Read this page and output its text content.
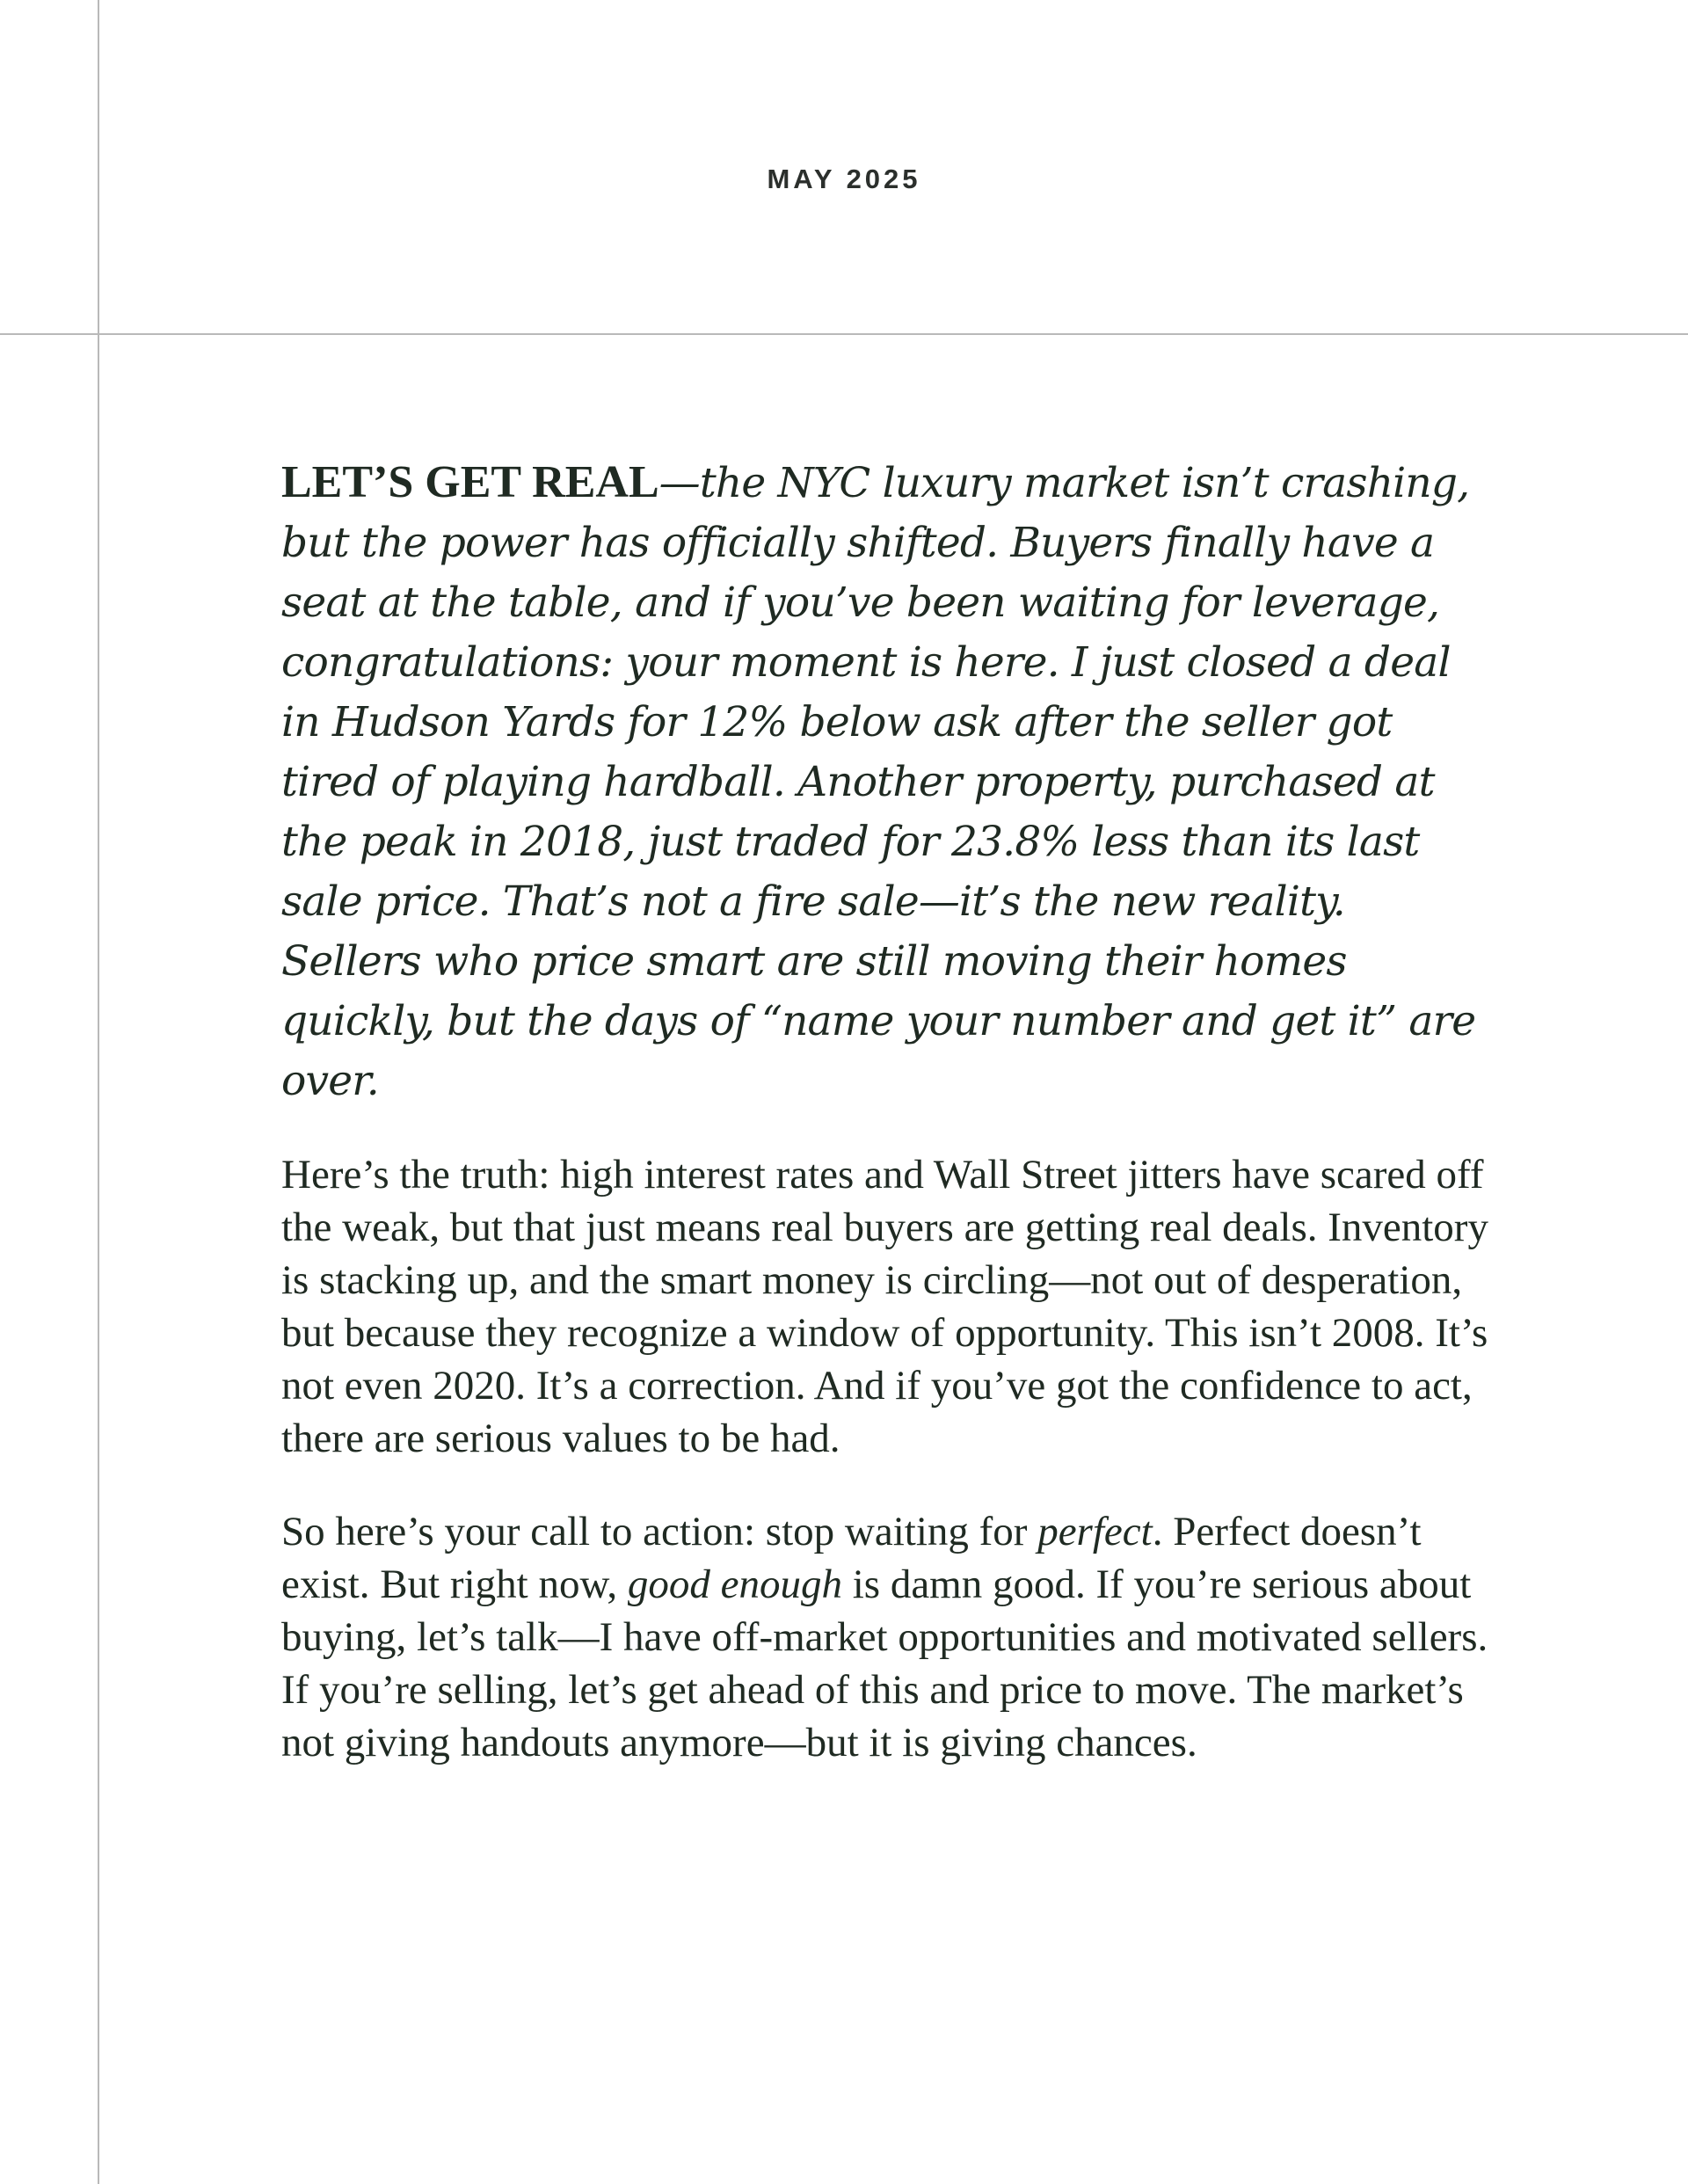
MAY 2025

LET’S GET REAL—the NYC luxury market isn’t crashing, but the power has officially shifted. Buyers finally have a seat at the table, and if you’ve been waiting for leverage, congratulations: your moment is here. I just closed a deal in Hudson Yards for 12% below ask after the seller got tired of playing hardball. Another property, purchased at the peak in 2018, just traded for 23.8% less than its last sale price. That’s not a fire sale—it’s the new reality. Sellers who price smart are still moving their homes quickly, but the days of “name your number and get it” are over.

Here’s the truth: high interest rates and Wall Street jitters have scared off the weak, but that just means real buyers are getting real deals. Inventory is stacking up, and the smart money is circling—not out of desperation, but because they recognize a window of opportunity. This isn’t 2008. It’s not even 2020. It’s a correction. And if you’ve got the confidence to act, there are serious values to be had.

So here’s your call to action: stop waiting for perfect. Perfect doesn’t exist. But right now, good enough is damn good. If you’re serious about buying, let’s talk—I have off-market opportunities and motivated sellers. If you’re selling, let’s get ahead of this and price to move. The market’s not giving handouts anymore—but it is giving chances.
